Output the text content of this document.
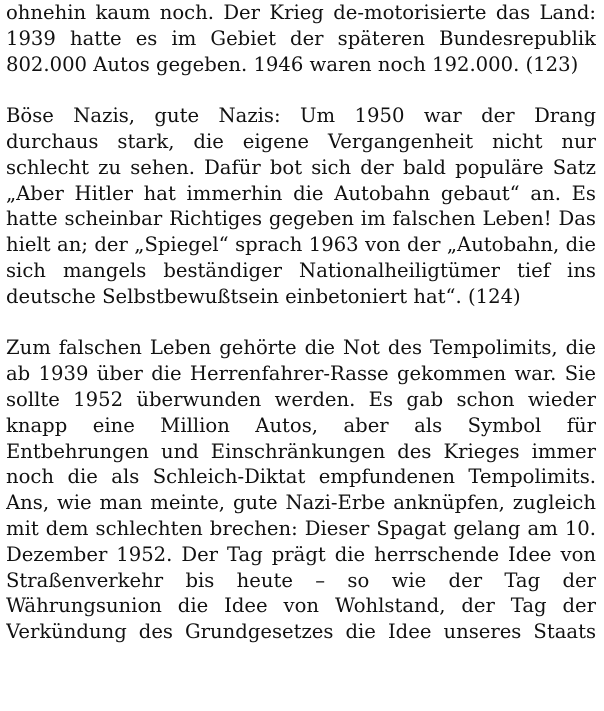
ohnehin kaum noch. Der Krieg de-motorisierte das Land:
1939 hatte es im Gebiet der späteren Bundesrepublik
802.000 Autos gegeben. 1946 waren noch 192.000. (123)
Böse Nazis, gute Nazis: Um 1950 war der Drang
durchaus stark, die eigene Vergangenheit nicht nur
schlecht zu sehen. Dafür bot sich der bald populäre Satz
„Aber Hitler hat immerhin die Autobahn gebaut“ an. Es
hatte scheinbar Richtiges gegeben im falschen Leben! Das
hielt an; der „Spiegel“ sprach 1963 von der „Autobahn, die
sich mangels beständiger Nationalheiligtümer tief ins
deutsche Selbstbewußtsein einbetoniert hat“. (124)
Zum falschen Leben gehörte die Not des Tempolimits, die
ab 1939 über die Herrenfahrer-Rasse gekommen war. Sie
sollte 1952 überwunden werden. Es gab schon wieder
knapp eine Million Autos, aber als Symbol für
Entbehrungen und Einschränkungen des Krieges immer
noch die als Schleich-Diktat empfundenen Tempolimits.
Ans, wie man meinte, gute Nazi-Erbe anknüpfen, zugleich
mit dem schlechten brechen: Dieser Spagat gelang am 10.
Dezember 1952. Der Tag prägt die herrschende Idee von
Straßenverkehr bis heute – so wie der Tag der
Währungsunion die Idee von Wohlstand, der Tag der
Verkündung des Grundgesetzes die Idee unseres Staats
